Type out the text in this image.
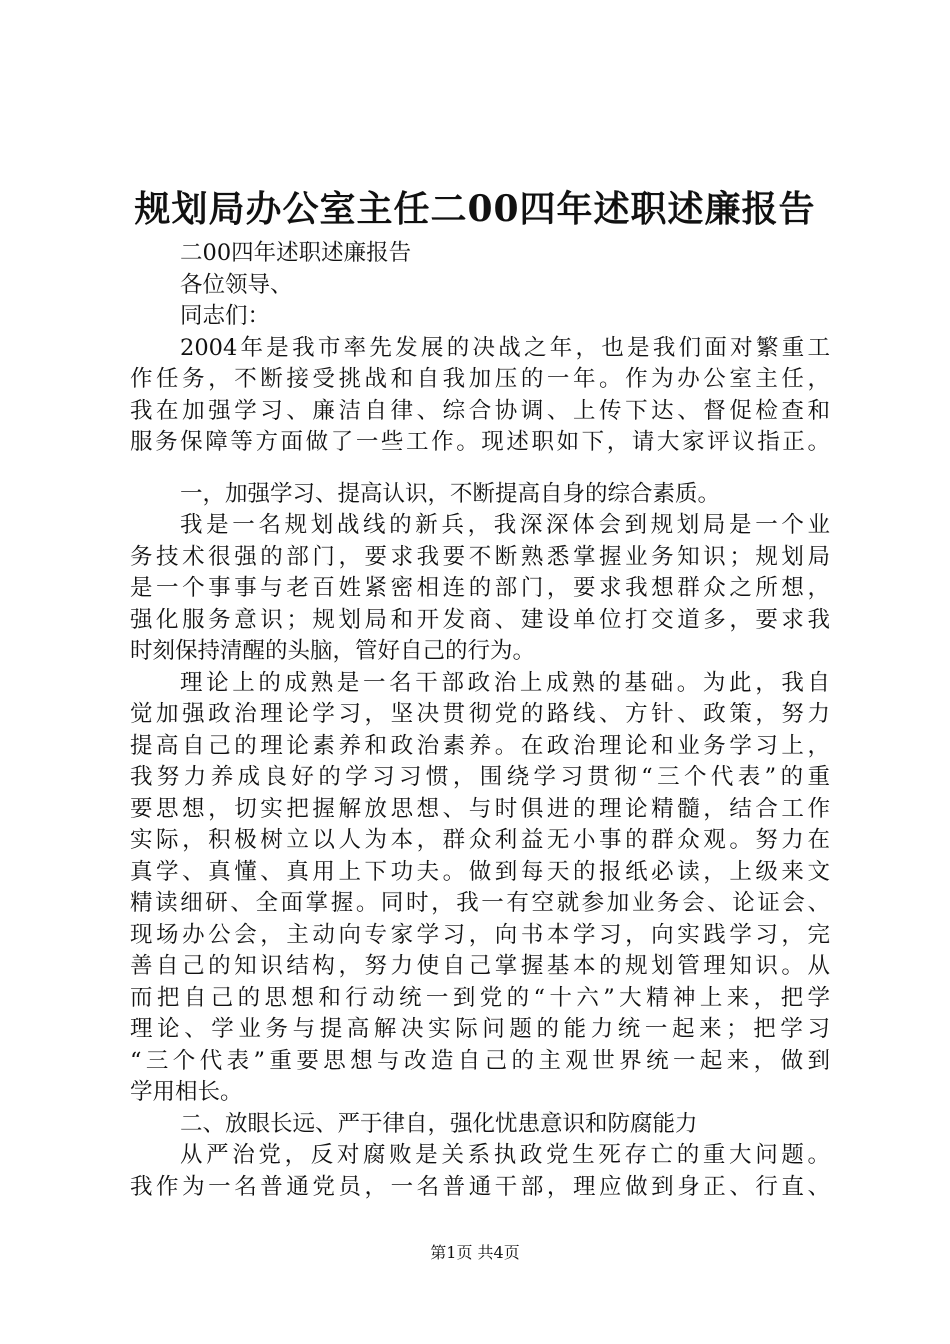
规划局办公室主任二00四年述职述廉报告

二00四年述职述廉报告

各位领导、

同志们：

2004年是我市率先发展的决战之年，也是我们面对繁重工

作任务，不断接受挑战和自我加压的一年。作为办公室主任，

我在加强学习、廉洁自律、综合协调、上传下达、督促检查和

服务保障等方面做了一些工作。现述职如下，请大家评议指正。

一，加强学习、提高认识，不断提高自身的综合素质。

我是一名规划战线的新兵，我深深体会到规划局是一个业

务技术很强的部门，要求我要不断熟悉掌握业务知识；规划局

是一个事事与老百姓紧密相连的部门，要求我想群众之所想，

强化服务意识；规划局和开发商、建设单位打交道多，要求我

时刻保持清醒的头脑，管好自己的行为。

理论上的成熟是一名干部政治上成熟的基础。为此，我自

觉加强政治理论学习，坚决贯彻党的路线、方针、政策，努力

提高自己的理论素养和政治素养。在政治理论和业务学习上，

我努力养成良好的学习习惯，围绕学习贯彻“三个代表”的重

要思想，切实把握解放思想、与时俱进的理论精髓，结合工作

实际，积极树立以人为本，群众利益无小事的群众观。努力在

真学、真懂、真用上下功夫。做到每天的报纸必读，上级来文

精读细研、全面掌握。同时，我一有空就参加业务会、论证会、

现场办公会，主动向专家学习，向书本学习，向实践学习，完

善自己的知识结构，努力使自己掌握基本的规划管理知识。从

而把自己的思想和行动统一到党的“十六”大精神上来，把学

理论、学业务与提高解决实际问题的能力统一起来；把学习

“三个代表”重要思想与改造自己的主观世界统一起来，做到

学用相长。

二、放眼长远、严于律自，强化忧患意识和防腐能力

从严治党，反对腐败是关系执政党生死存亡的重大问题。

我作为一名普通党员，一名普通干部，理应做到身正、行直、

第1页 共4页
